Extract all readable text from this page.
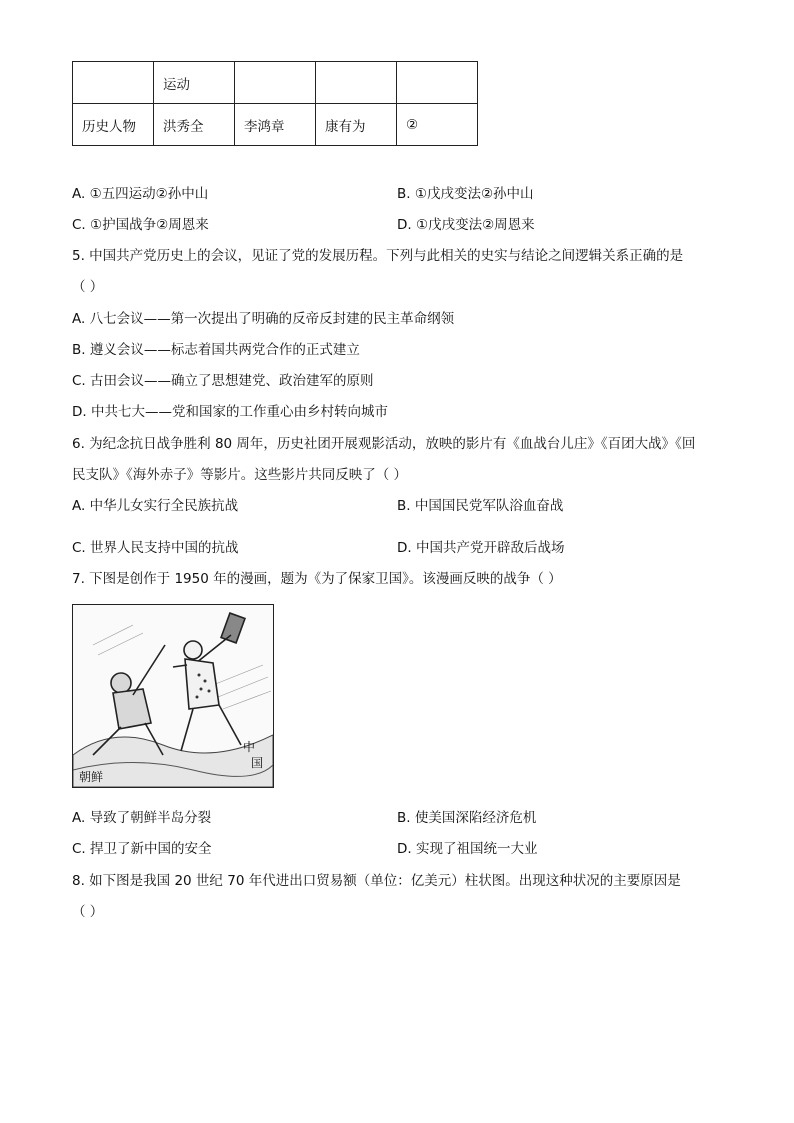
	运动			
历史人物	洪秀全	李鸿章	康有为	②
A. ①五四运动②孙中山	B. ①戊戌变法②孙中山
C. ①护国战争②周恩来	D. ①戊戌变法②周恩来
5. 中国共产党历史上的会议，见证了党的发展历程。下列与此相关的史实与结论之间逻辑关系正确的是
（ ）
A. 八七会议——第一次提出了明确的反帝反封建的民主革命纲领
B. 遵义会议——标志着国共两党合作的正式建立
C. 古田会议——确立了思想建党、政治建军的原则
D. 中共七大——党和国家的工作重心由乡村转向城市
6. 为纪念抗日战争胜利 80 周年，历史社团开展观影活动，放映的影片有《血战台儿庄》《百团大战》《回
民支队》《海外赤子》等影片。这些影片共同反映了（ ）
A. 中华儿女实行全民族抗战	B. 中国国民党军队浴血奋战
C. 世界人民支持中国的抗战	D. 中国共产党开辟敌后战场
7. 下图是创作于 1950 年的漫画，题为《为了保家卫国》。该漫画反映的战争（ ）
朝鲜
中
国
A. 导致了朝鲜半岛分裂	B. 使美国深陷经济危机
C. 捍卫了新中国的安全	D. 实现了祖国统一大业
8. 如下图是我国 20 世纪 70 年代进出口贸易额（单位：亿美元）柱状图。出现这种状况的主要原因是
（ ）
